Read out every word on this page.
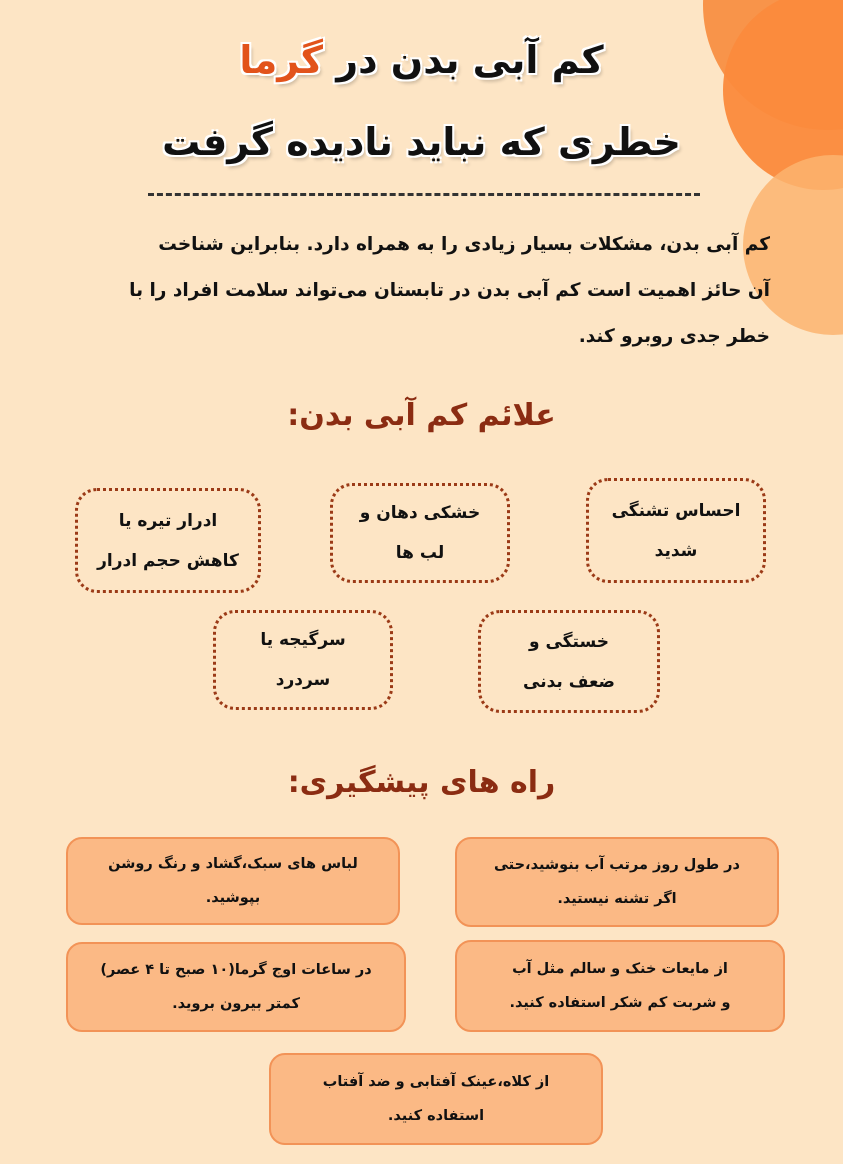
کم آبی بدن در گرما
خطری که نباید نادیده گرفت
کم آبی بدن، مشکلات بسیار زیادی را به همراه دارد. بنابراین شناخت
آن حائز اهمیت است کم آبی بدن در تابستان می‌تواند سلامت افراد را با
خطر جدی روبرو کند.
علائم کم آبی بدن:
احساس تشنگی
شدید
خشکی دهان و
لب ها
ادرار تیره یا
کاهش حجم ادرار
خستگی و
ضعف بدنی
سرگیجه یا
سردرد
راه های پیشگیری:
در طول روز مرتب آب بنوشید،حتی
اگر تشنه نیستید.
لباس های سبک،گشاد و رنگ روشن
بپوشید.
از مایعات خنک و سالم مثل آب
و شربت کم شکر استفاده کنید.
در ساعات اوج گرما(۱۰ صبح تا ۴ عصر)
کمتر بیرون بروید.
از کلاه،عینک آفتابی و ضد آفتاب
استفاده کنید.
